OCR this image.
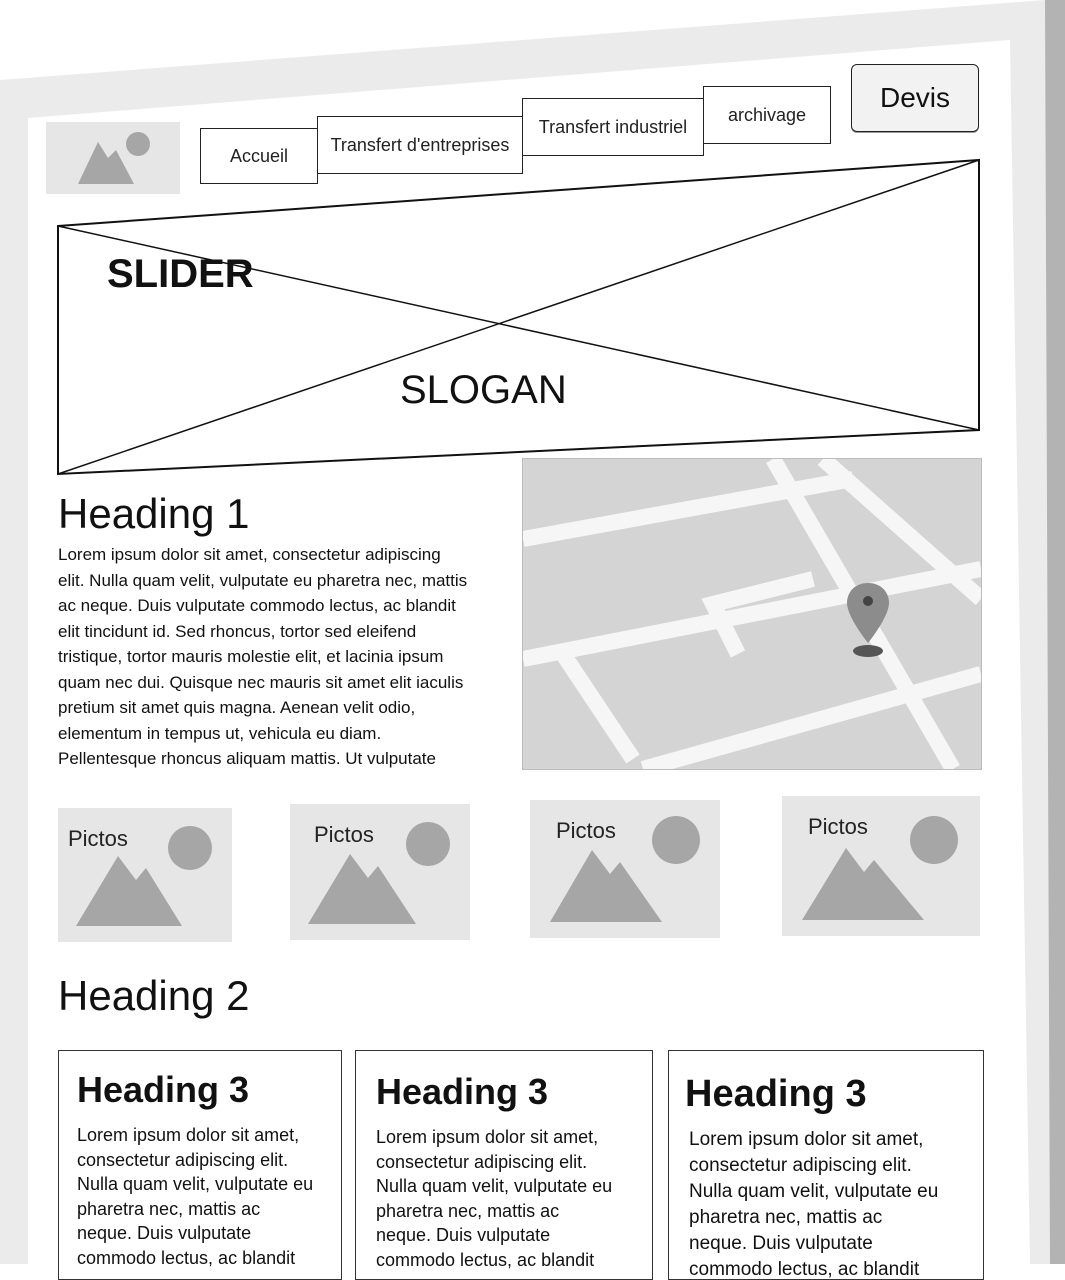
Accueil
Transfert d'entreprises
Transfert industriel
archivage
Devis
SLIDER
SLOGAN
Heading 1
Lorem ipsum dolor sit amet, consectetur adipiscing
elit. Nulla quam velit, vulputate eu pharetra nec, mattis
ac neque. Duis vulputate commodo lectus, ac blandit
elit tincidunt id. Sed rhoncus, tortor sed eleifend
tristique, tortor mauris molestie elit, et lacinia ipsum
quam nec dui. Quisque nec mauris sit amet elit iaculis
pretium sit amet quis magna. Aenean velit odio,
elementum in tempus ut, vehicula eu diam.
Pellentesque rhoncus aliquam mattis. Ut vulputate
Pictos	Pictos	Pictos	Pictos
Heading 2
Heading 3
Lorem ipsum dolor sit amet,
consectetur adipiscing elit.
Nulla quam velit, vulputate eu
pharetra nec, mattis ac
neque. Duis vulputate
commodo lectus, ac blandit
Heading 3
Lorem ipsum dolor sit amet,
consectetur adipiscing elit.
Nulla quam velit, vulputate eu
pharetra nec, mattis ac
neque. Duis vulputate
commodo lectus, ac blandit
Heading 3
Lorem ipsum dolor sit amet,
consectetur adipiscing elit.
Nulla quam velit, vulputate eu
pharetra nec, mattis ac
neque. Duis vulputate
commodo lectus, ac blandit
